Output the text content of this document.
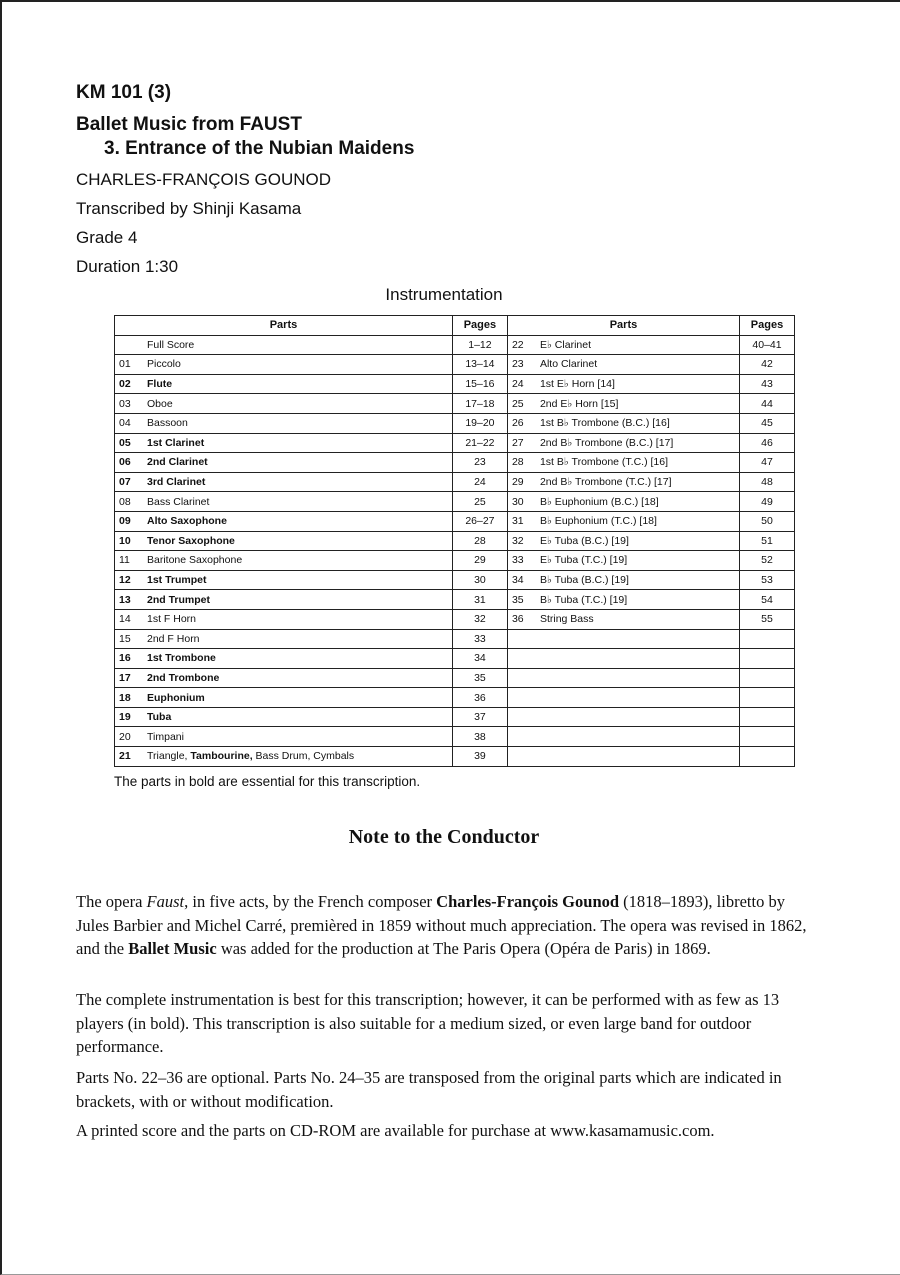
KM 101 (3)
Ballet Music from FAUST
3. Entrance of the Nubian Maidens
CHARLES-FRANÇOIS GOUNOD
Transcribed by Shinji Kasama
Grade 4
Duration 1:30
Instrumentation
Parts		Pages	Parts		Pages
	Full Score	1–12	22	E♭ Clarinet	40–41
01	Piccolo	13–14	23	Alto Clarinet	42
02	Flute	15–16	24	1st E♭ Horn [14]	43
03	Oboe	17–18	25	2nd E♭ Horn [15]	44
04	Bassoon	19–20	26	1st B♭ Trombone (B.C.) [16]	45
05	1st Clarinet	21–22	27	2nd B♭ Trombone (B.C.) [17]	46
06	2nd Clarinet	23	28	1st B♭ Trombone (T.C.) [16]	47
07	3rd Clarinet	24	29	2nd B♭ Trombone (T.C.) [17]	48
08	Bass Clarinet	25	30	B♭ Euphonium (B.C.) [18]	49
09	Alto Saxophone	26–27	31	B♭ Euphonium (T.C.) [18]	50
10	Tenor Saxophone	28	32	E♭ Tuba (B.C.) [19]	51
11	Baritone Saxophone	29	33	E♭ Tuba (T.C.) [19]	52
12	1st Trumpet	30	34	B♭ Tuba (B.C.) [19]	53
13	2nd Trumpet	31	35	B♭ Tuba (T.C.) [19]	54
14	1st F Horn	32	36	String Bass	55
15	2nd F Horn	33			
16	1st Trombone	34			
17	2nd Trombone	35			
18	Euphonium	36			
19	Tuba	37			
20	Timpani	38			
21	Triangle, Tambourine, Bass Drum, Cymbals	39			
The parts in bold are essential for this transcription.
Note to the Conductor

The opera Faust, in five acts, by the French composer Charles-François Gounod (1818–1893), libretto by Jules Barbier and Michel Carré, premièred in 1859 without much appreciation. The opera was revised in 1862, and the Ballet Music was added for the production at The Paris Opera (Opéra de Paris) in 1869.

The complete instrumentation is best for this transcription; however, it can be performed with as few as 13 players (in bold). This transcription is also suitable for a medium sized, or even large band for outdoor performance.

Parts No. 22–36 are optional. Parts No. 24–35 are transposed from the original parts which are indicated in brackets, with or without modification.

A printed score and the parts on CD-ROM are available for purchase at www.kasamamusic.com.
